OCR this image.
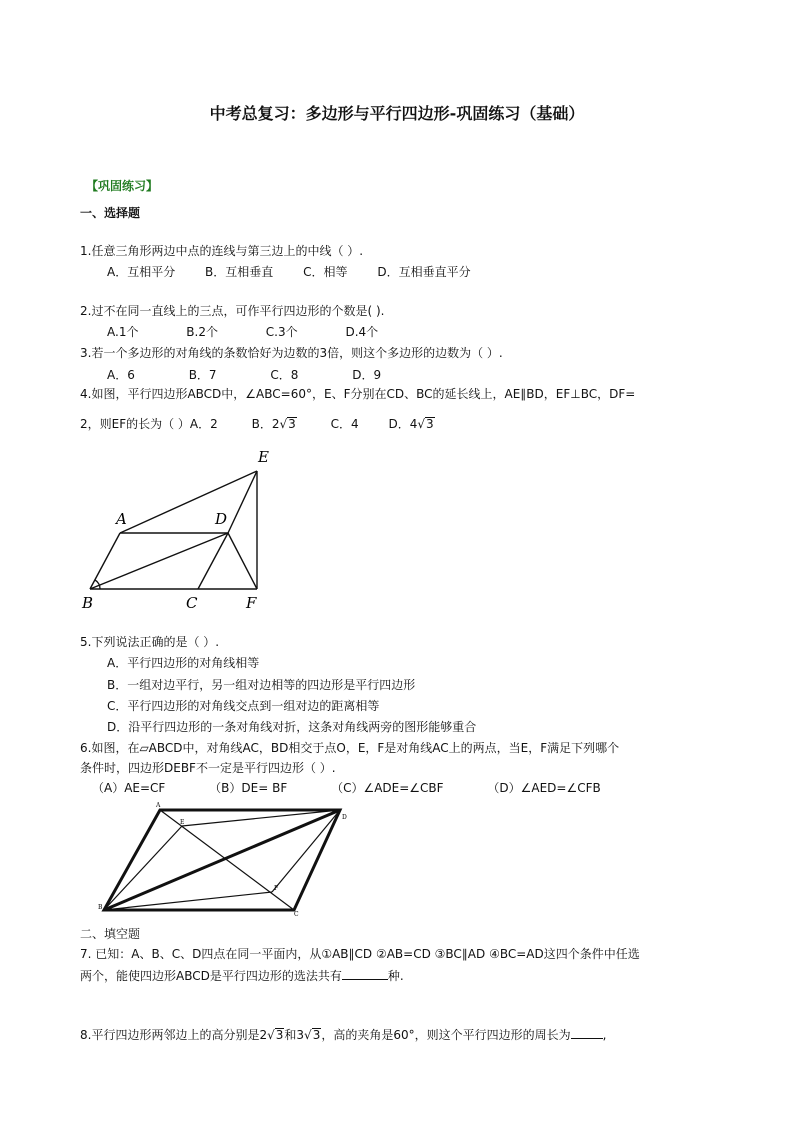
中考总复习：多边形与平行四边形-巩固练习（基础）
【巩固练习】
一、选择题
1.任意三角形两边中点的连线与第三边上的中线（ ）.
A．互相平分 B．互相垂直 C．相等 D．互相垂直平分
2.过不在同一直线上的三点，可作平行四边形的个数是( ).
A.1个	B.2个	C.3个	D.4个
3.若一个多边形的对角线的条数恰好为边数的3倍，则这个多边形的边数为（ ）.
A．6	B．7	C．8	D．9
4.如图，平行四边形ABCD中，∠ABC=60°，E、F分别在CD、BC的延长线上，AE∥BD，EF⊥BC，DF=
2，则EF的长为（ ）A．2	B．2√3	C．4 D．4√3
A
B	C
D
E
F
5.下列说法正确的是（ ）.
A．平行四边形的对角线相等
B．一组对边平行，另一组对边相等的四边形是平行四边形
C．平行四边形的对角线交点到一组对边的距离相等
D．沿平行四边形的一条对角线对折，这条对角线两旁的图形能够重合
6.如图，在▱ABCD中，对角线AC，BD相交于点O，E，F是对角线AC上的两点，当E，F满足下列哪个
条件时，四边形DEBF不一定是平行四边形（ ）.
（A）AE=CF	（B）DE= BF	（C）∠ADE=∠CBF	（D）∠AED=∠CFB
A
B
C
D
E
F
二、填空题
7. 已知：A、B、C、D四点在同一平面内，从①AB∥CD ②AB=CD ③BC∥AD ④BC=AD这四个条件中任选
两个，能使四边形ABCD是平行四边形的选法共有	种.
8.平行四边形两邻边上的高分别是2√3和3√3，高的夹角是60°，则这个平行四边形的周长为	,
